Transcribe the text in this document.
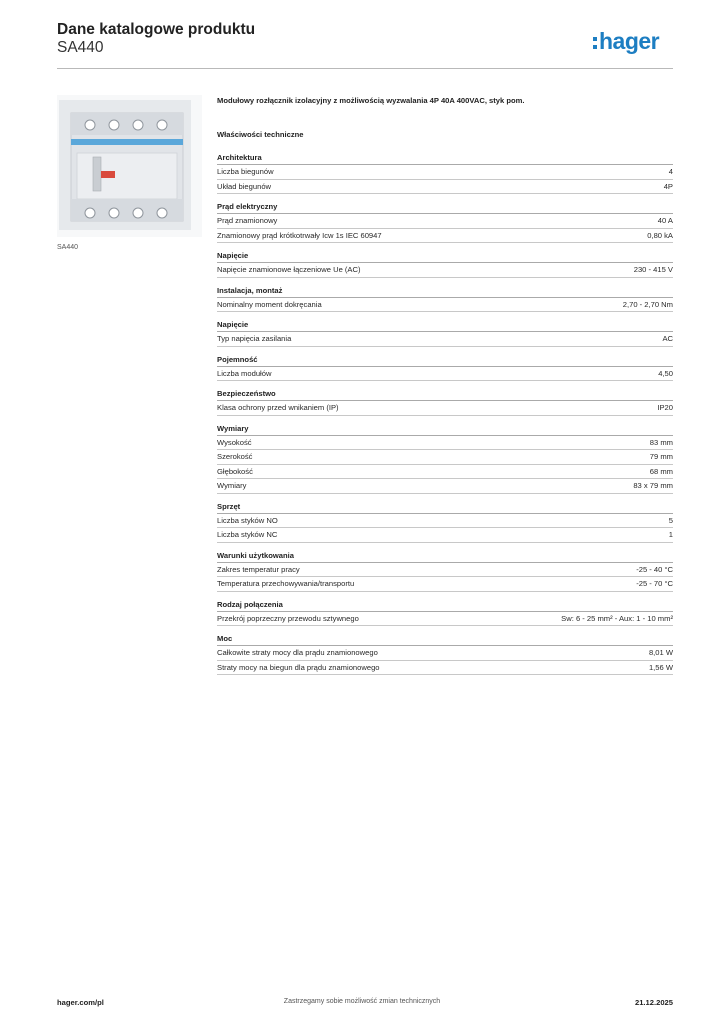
Dane katalogowe produktu
SA440	hager
SA440
Modułowy rozłącznik izolacyjny z możliwością wyzwalania 4P 40A 400VAC, styk pom.
Właściwości techniczne
Architektura
Liczba biegunów	4
Układ biegunów	4P
Prąd elektryczny
Prąd znamionowy	40 A
Znamionowy prąd krótkotrwały Icw 1s IEC 60947	0,80 kA
Napięcie
Napięcie znamionowe łączeniowe Ue (AC)	230 - 415 V
Instalacja, montaż
Nominalny moment dokręcania	2,70 - 2,70 Nm
Napięcie
Typ napięcia zasilania	AC
Pojemność
Liczba modułów	4,50
Bezpieczeństwo
Klasa ochrony przed wnikaniem (IP)	IP20
Wymiary
Wysokość	83 mm
Szerokość	79 mm
Głębokość	68 mm
Wymiary	83 x 79 mm
Sprzęt
Liczba styków NO	5
Liczba styków NC	1
Warunki użytkowania
Zakres temperatur pracy	-25 - 40 °C
Temperatura przechowywania/transportu	-25 - 70 °C
Rodzaj połączenia
Przekrój poprzeczny przewodu sztywnego	Sw: 6 - 25 mm² - Aux: 1 - 10 mm²
Moc
Całkowite straty mocy dla prądu znamionowego	8,01 W
Straty mocy na biegun dla prądu znamionowego	1,56 W
hager.com/pl	Zastrzegamy sobie możliwość zmian technicznych	21.12.2025
